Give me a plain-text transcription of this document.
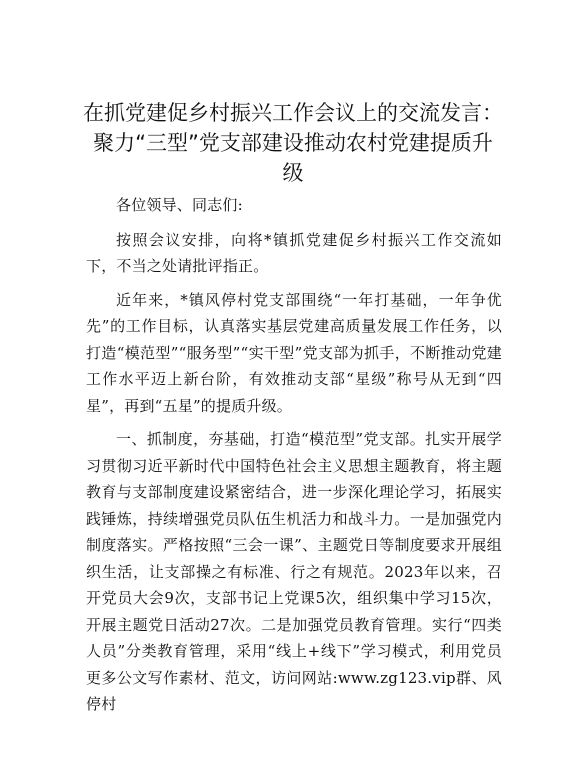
在抓党建促乡村振兴工作会议上的交流发言：
聚力“三型”党支部建设推动农村党建提质升
级

各位领导、同志们:

按照会议安排，向将*镇抓党建促乡村振兴工作交流如下，不当之处请批评指正。

近年来，*镇风停村党支部围绕“一年打基础，一年争优先”的工作目标，认真落实基层党建高质量发展工作任务，以打造“模范型”“服务型”“实干型”党支部为抓手，不断推动党建工作水平迈上新台阶，有效推动支部“星级”称号从无到“四星”，再到“五星”的提质升级。

一、抓制度，夯基础，打造“模范型”党支部。扎实开展学习贯彻习近平新时代中国特色社会主义思想主题教育，将主题教育与支部制度建设紧密结合，进一步深化理论学习，拓展实践锤炼，持续增强党员队伍生机活力和战斗力。一是加强党内制度落实。严格按照“三会一课”、主题党日等制度要求开展组织生活，让支部操之有标准、行之有规范。2023年以来，召开党员大会9次，支部书记上党课5次，组织集中学习15次，开展主题党日活动27次。二是加强党员教育管理。实行“四类人员”分类教育管理，采用“线上+线下”学习模式，利用党员更多公文写作素材、范文，访问网站:www.zg123.vip群、风停村
